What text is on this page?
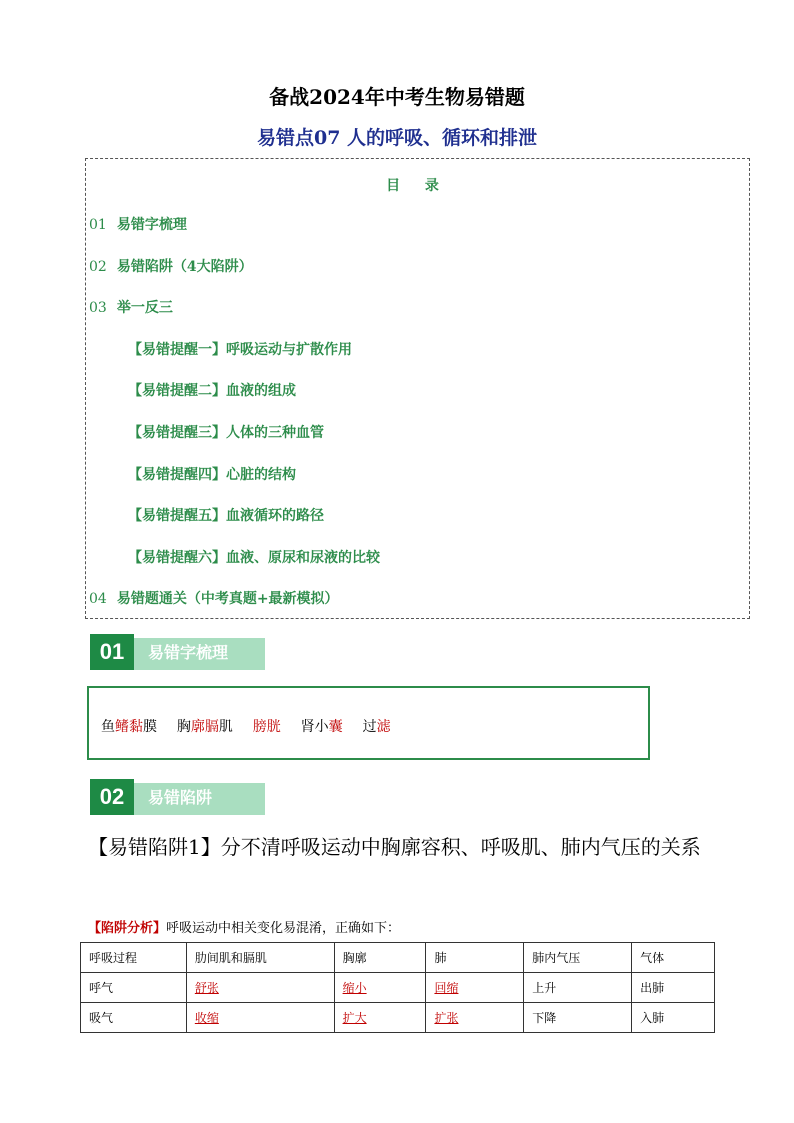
备战2024年中考生物易错题
易错点07 人的呼吸、循环和排泄
目 录
01 易错字梳理
02 易错陷阱（4大陷阱）
03 举一反三
【易错提醒一】呼吸运动与扩散作用
【易错提醒二】血液的组成
【易错提醒三】人体的三种血管
【易错提醒四】心脏的结构
【易错提醒五】血液循环的路径
【易错提醒六】血液、原尿和尿液的比较
04 易错题通关（中考真题+最新模拟）
01	易错字梳理
鱼鳍黏膜 胸廓膈肌 膀胱 肾小囊 过滤
02	易错陷阱
【易错陷阱1】分不清呼吸运动中胸廓容积、呼吸肌、肺内气压的关系
【陷阱分析】呼吸运动中相关变化易混淆，正确如下：
呼吸过程	肋间肌和膈肌	胸廓	肺	肺内气压	气体
呼气	舒张	缩小	回缩	上升	出肺
吸气	收缩	扩大	扩张	下降	入肺
